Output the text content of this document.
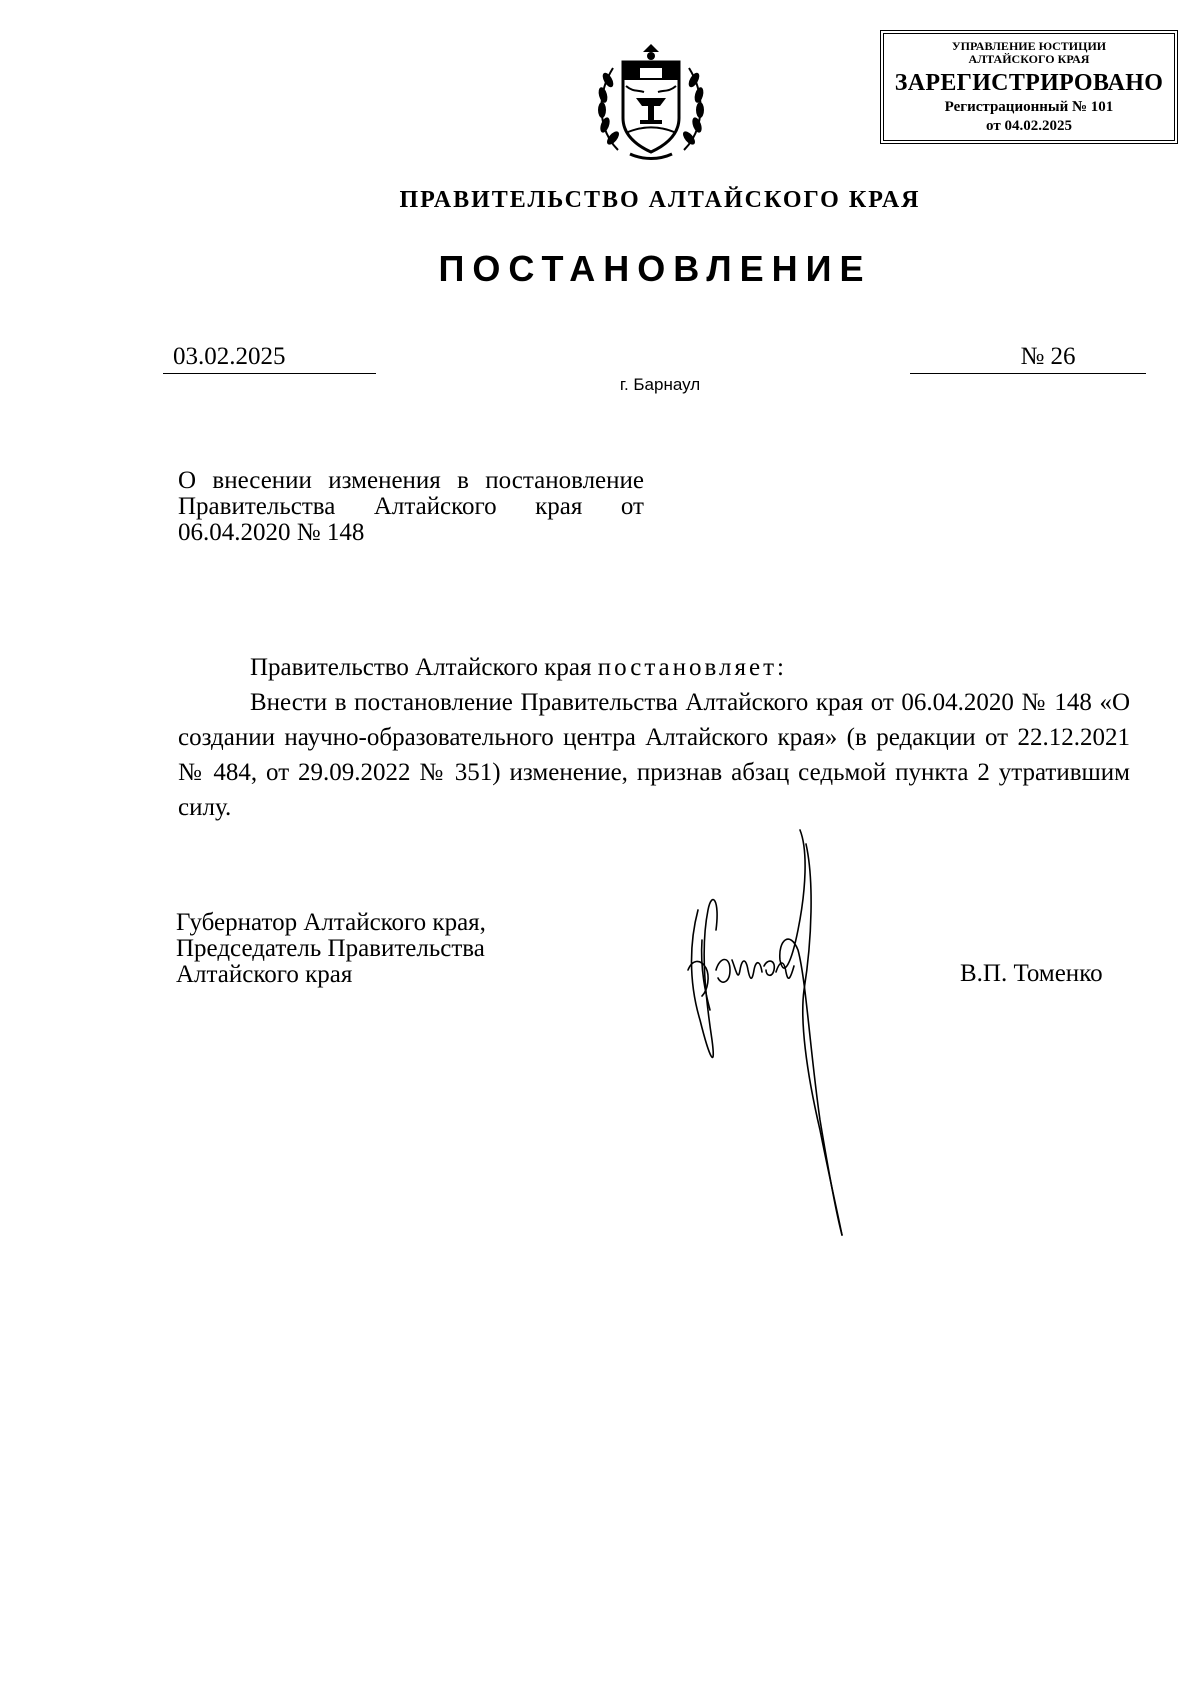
УПРАВЛЕНИЕ ЮСТИЦИИ
АЛТАЙСКОГО КРАЯ
ЗАРЕГИСТРИРОВАНО
Регистрационный № 101
от 04.02.2025
ПРАВИТЕЛЬСТВО АЛТАЙСКОГО КРАЯ
ПОСТАНОВЛЕНИЕ
03.02.2025	№ 26
г. Барнаул
О внесении изменения в постановление Правительства Алтайского края от 06.04.2020 № 148

Правительство Алтайского края постановляет:

Внести в постановление Правительства Алтайского края от 06.04.2020 № 148 «О создании научно-образовательного центра Алтайского края» (в редакции от 22.12.2021 № 484, от 29.09.2022 № 351) изменение, признав абзац седьмой пункта 2 утратившим силу.

Губернатор Алтайского края,
Председатель Правительства
Алтайского края	В.П. Томенко
